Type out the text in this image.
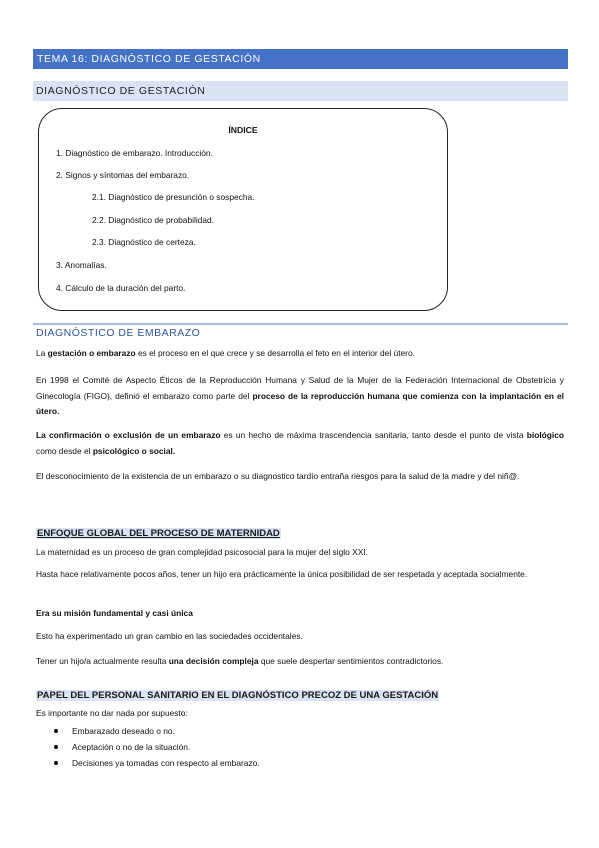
TEMA 16: DIAGNÓSTICO DE GESTACIÓN
DIAGNÓSTICO DE GESTACIÓN
ÍNDICE
1. Diagnóstico de embarazo. Introducción.
2. Signos y síntomas del embarazo.
2.1. Diagnóstico de presunción o sospecha.
2.2. Diagnóstico de probabilidad.
2.3. Diagnóstico de certeza.
3. Anomalías.
4. Cálculo de la duración del parto.
DIAGNÓSTICO DE EMBARAZO
La gestación o embarazo es el proceso en el que crece y se desarrolla el feto en el interior del útero.
En 1998 el Comité de Aspecto Éticos de la Reproducción Humana y Salud de la Mujer de la Federación Internacional de Obstetricia y Ginecología (FIGO), definió el embarazo como parte del proceso de la reproducción humana que comienza con la implantación en el útero.
La confirmación o exclusión de un embarazo es un hecho de máxima trascendencia sanitaria, tanto desde el punto de vista biológico como desde el psicológico o social.
El desconocimiento de la existencia de un embarazo o su diagnostico tardío entraña riesgos para la salud de la madre y del niñ@.
ENFOQUE GLOBAL DEL PROCESO DE MATERNIDAD
La maternidad es un proceso de gran complejidad psicosocial para la mujer del siglo XXI.
Hasta hace relativamente pocos años, tener un hijo era prácticamente la única posibilidad de ser respetada y aceptada socialmente.
Era su misión fundamental y casi única
Esto ha experimentado un gran cambio en las sociedades occidentales.
Tener un hijo/a actualmente resulta una decisión compleja que suele despertar sentimientos contradictorios.
PAPEL DEL PERSONAL SANITARIO EN EL DIAGNÓSTICO PRECOZ DE UNA GESTACIÓN
Es importante no dar nada por supuesto:
Embarazado deseado o no.
Aceptación o no de la situación.
Decisiones ya tomadas con respecto al embarazo.
